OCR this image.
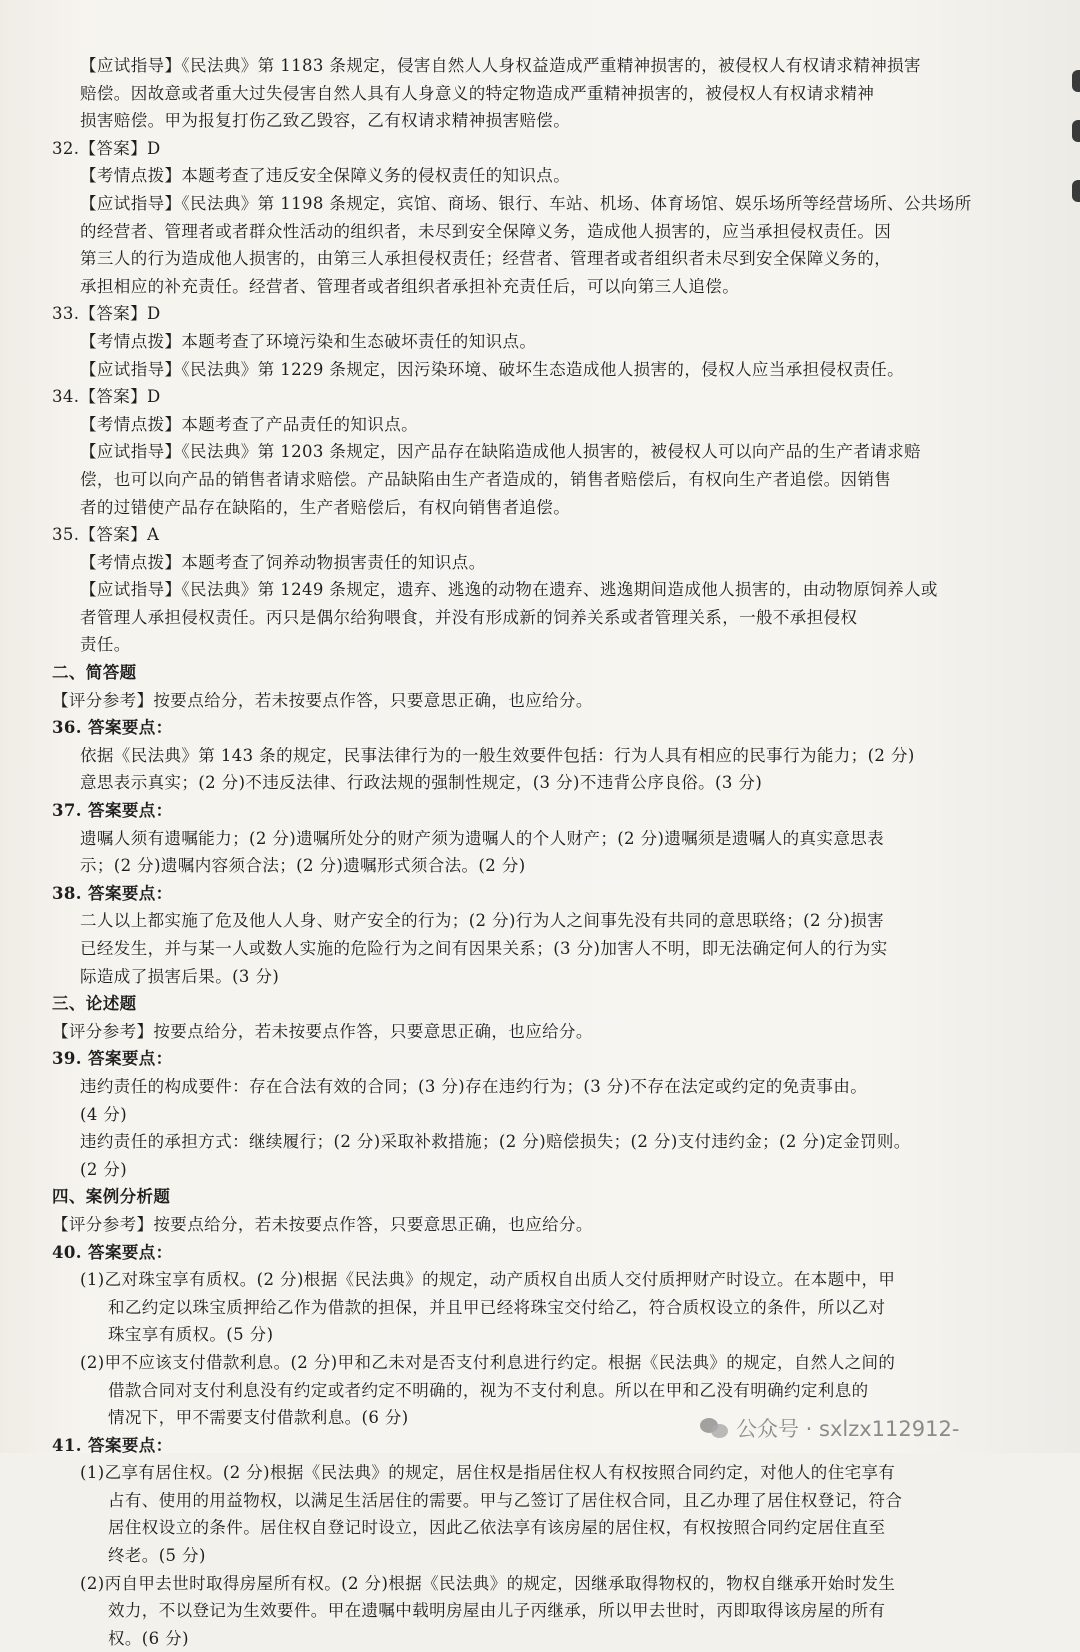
【应试指导】《民法典》第 1183 条规定，侵害自然人人身权益造成严重精神损害的，被侵权人有权请求精神损害
赔偿。因故意或者重大过失侵害自然人具有人身意义的特定物造成严重精神损害的，被侵权人有权请求精神
损害赔偿。甲为报复打伤乙致乙毁容，乙有权请求精神损害赔偿。
32.【答案】D
【考情点拨】本题考查了违反安全保障义务的侵权责任的知识点。
【应试指导】《民法典》第 1198 条规定，宾馆、商场、银行、车站、机场、体育场馆、娱乐场所等经营场所、公共场所
的经营者、管理者或者群众性活动的组织者，未尽到安全保障义务，造成他人损害的，应当承担侵权责任。因
第三人的行为造成他人损害的，由第三人承担侵权责任；经营者、管理者或者组织者未尽到安全保障义务的，
承担相应的补充责任。经营者、管理者或者组织者承担补充责任后，可以向第三人追偿。
33.【答案】D
【考情点拨】本题考查了环境污染和生态破坏责任的知识点。
【应试指导】《民法典》第 1229 条规定，因污染环境、破坏生态造成他人损害的，侵权人应当承担侵权责任。
34.【答案】D
【考情点拨】本题考查了产品责任的知识点。
【应试指导】《民法典》第 1203 条规定，因产品存在缺陷造成他人损害的，被侵权人可以向产品的生产者请求赔
偿，也可以向产品的销售者请求赔偿。产品缺陷由生产者造成的，销售者赔偿后，有权向生产者追偿。因销售
者的过错使产品存在缺陷的，生产者赔偿后，有权向销售者追偿。
35.【答案】A
【考情点拨】本题考查了饲养动物损害责任的知识点。
【应试指导】《民法典》第 1249 条规定，遗弃、逃逸的动物在遗弃、逃逸期间造成他人损害的，由动物原饲养人或
者管理人承担侵权责任。丙只是偶尔给狗喂食，并没有形成新的饲养关系或者管理关系，一般不承担侵权
责任。
二、简答题
【评分参考】按要点给分，若未按要点作答，只要意思正确，也应给分。
36. 答案要点：
依据《民法典》第 143 条的规定，民事法律行为的一般生效要件包括：行为人具有相应的民事行为能力；(2 分)
意思表示真实；(2 分)不违反法律、行政法规的强制性规定，(3 分)不违背公序良俗。(3 分)
37. 答案要点：
遗嘱人须有遗嘱能力；(2 分)遗嘱所处分的财产须为遗嘱人的个人财产；(2 分)遗嘱须是遗嘱人的真实意思表
示；(2 分)遗嘱内容须合法；(2 分)遗嘱形式须合法。(2 分)
38. 答案要点：
二人以上都实施了危及他人人身、财产安全的行为；(2 分)行为人之间事先没有共同的意思联络；(2 分)损害
已经发生，并与某一人或数人实施的危险行为之间有因果关系；(3 分)加害人不明，即无法确定何人的行为实
际造成了损害后果。(3 分)
三、论述题
【评分参考】按要点给分，若未按要点作答，只要意思正确，也应给分。
39. 答案要点：
违约责任的构成要件：存在合法有效的合同；(3 分)存在违约行为；(3 分)不存在法定或约定的免责事由。
(4 分)
违约责任的承担方式：继续履行；(2 分)采取补救措施；(2 分)赔偿损失；(2 分)支付违约金；(2 分)定金罚则。
(2 分)
四、案例分析题
【评分参考】按要点给分，若未按要点作答，只要意思正确，也应给分。
40. 答案要点：
(1)乙对珠宝享有质权。(2 分)根据《民法典》的规定，动产质权自出质人交付质押财产时设立。在本题中，甲
和乙约定以珠宝质押给乙作为借款的担保，并且甲已经将珠宝交付给乙，符合质权设立的条件，所以乙对
珠宝享有质权。(5 分)
(2)甲不应该支付借款利息。(2 分)甲和乙未对是否支付利息进行约定。根据《民法典》的规定，自然人之间的
借款合同对支付利息没有约定或者约定不明确的，视为不支付利息。所以在甲和乙没有明确约定利息的
情况下，甲不需要支付借款利息。(6 分)
41. 答案要点：
(1)乙享有居住权。(2 分)根据《民法典》的规定，居住权是指居住权人有权按照合同约定，对他人的住宅享有
占有、使用的用益物权，以满足生活居住的需要。甲与乙签订了居住权合同，且乙办理了居住权登记，符合
居住权设立的条件。居住权自登记时设立，因此乙依法享有该房屋的居住权，有权按照合同约定居住直至
终老。(5 分)
(2)丙自甲去世时取得房屋所有权。(2 分)根据《民法典》的规定，因继承取得物权的，物权自继承开始时发生
效力，不以登记为生效要件。甲在遗嘱中载明房屋由儿子丙继承，所以甲去世时，丙即取得该房屋的所有
权。(6 分)
公众号 · sxlzx112912-
